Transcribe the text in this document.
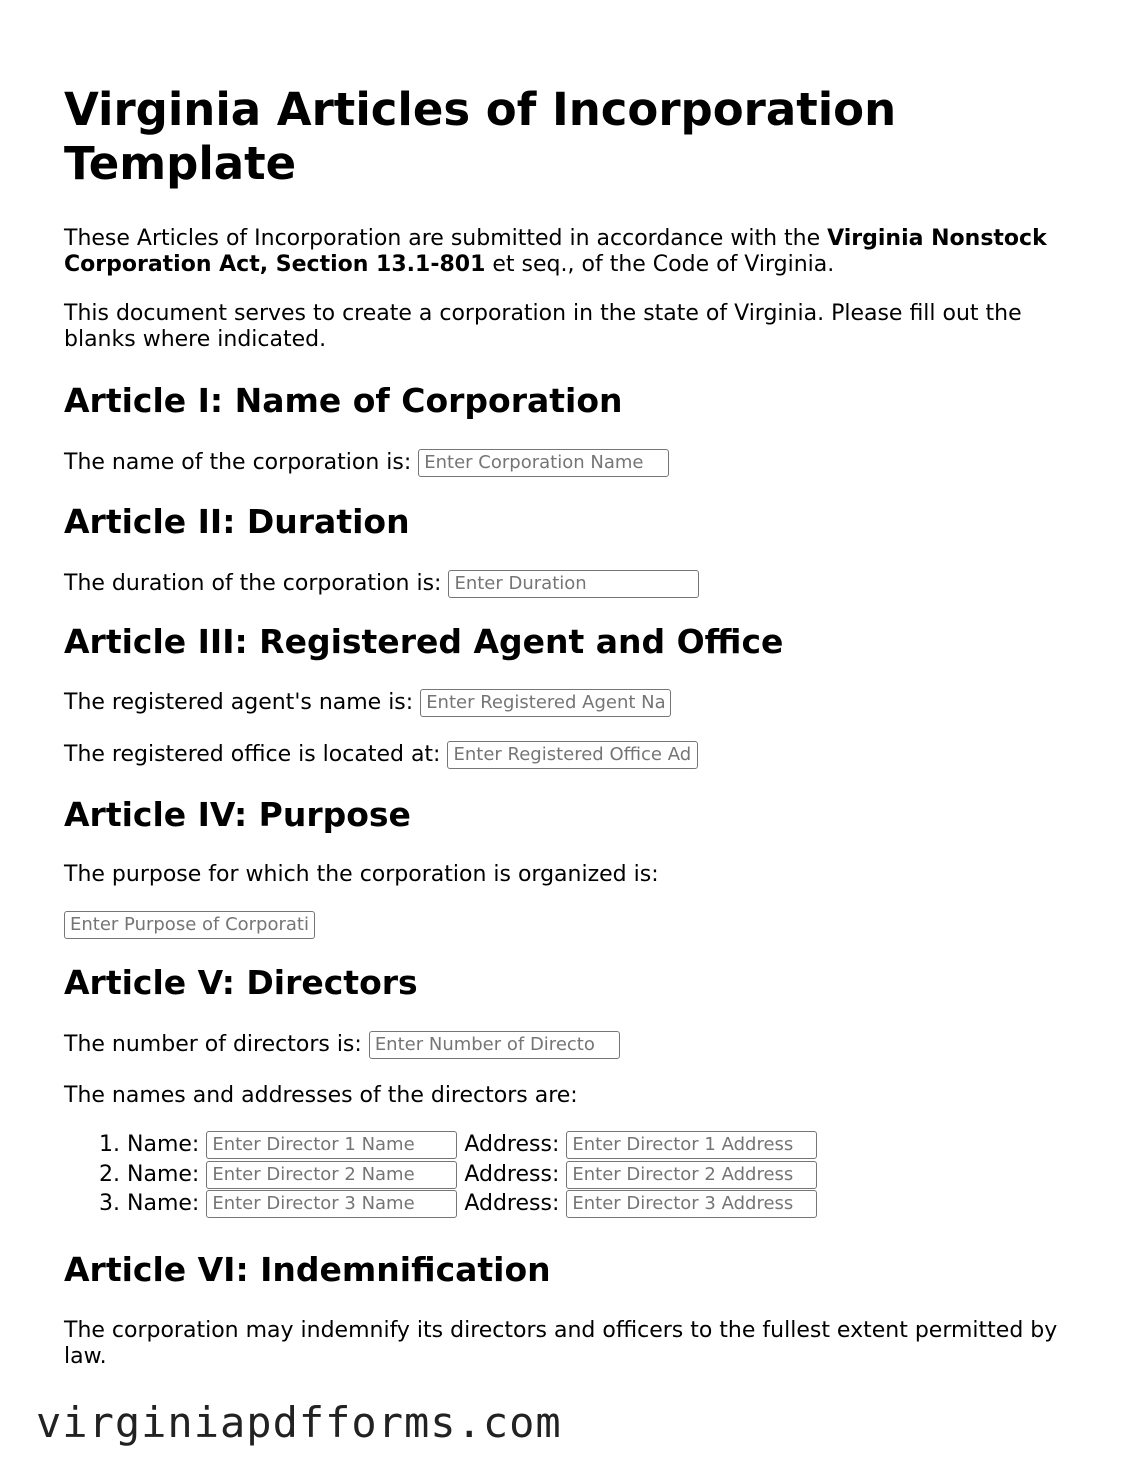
Virginia Articles of Incorporation Template

These Articles of Incorporation are submitted in accordance with the Virginia Nonstock Corporation Act, Section 13.1-801 et seq., of the Code of Virginia.

This document serves to create a corporation in the state of Virginia. Please fill out the blanks where indicated.

Article I: Name of Corporation
The name of the corporation is: Enter Corporation Name
Article II: Duration
The duration of the corporation is: Enter Duration
Article III: Registered Agent and Office
The registered agent's name is: Enter Registered Agent Na
The registered office is located at: Enter Registered Office Ad
Article IV: Purpose

The purpose for which the corporation is organized is:

Enter Purpose of Corporati
Article V: Directors
The number of directors is: Enter Number of Directo

The names and addresses of the directors are:

1. Name: Enter Director 1 Name Address: Enter Director 1 Address
2. Name: Enter Director 2 Name Address: Enter Director 2 Address
3. Name: Enter Director 3 Name Address: Enter Director 3 Address
Article VI: Indemnification

The corporation may indemnify its directors and officers to the fullest extent permitted by law.

virginiapdfforms.com
